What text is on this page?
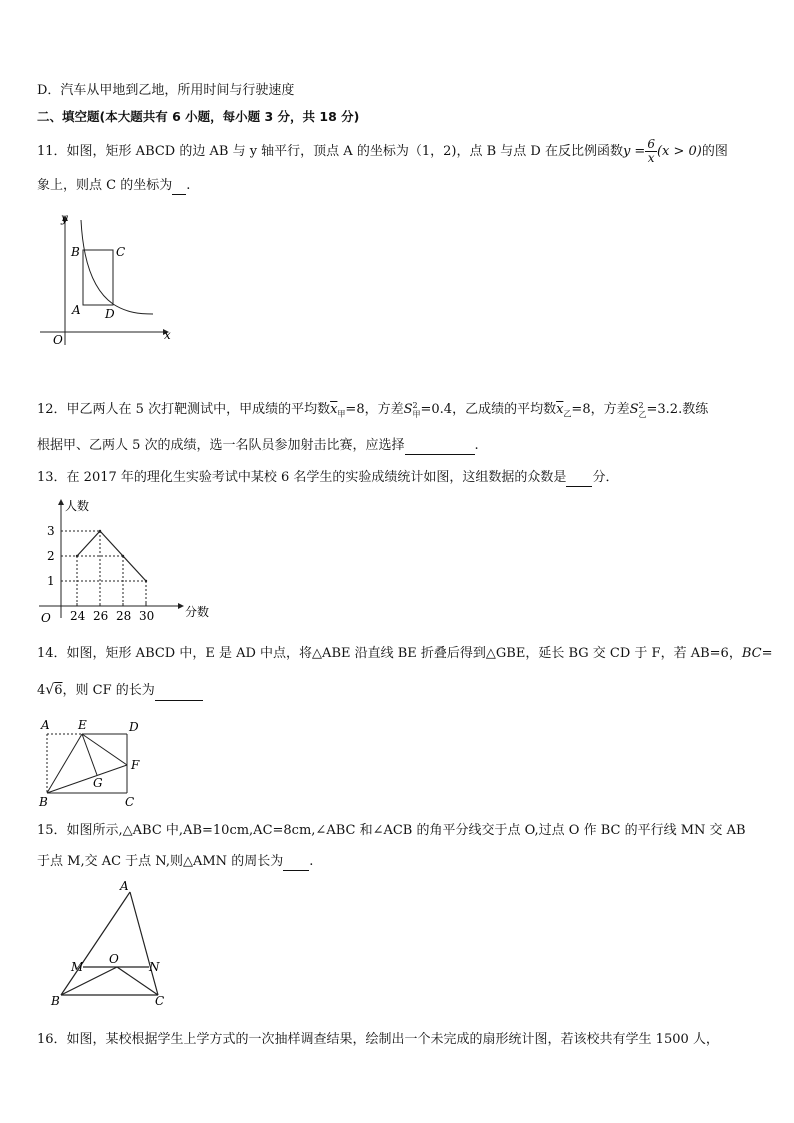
D．汽车从甲地到乙地，所用时间与行驶速度
二、填空题(本大题共有 6 小题，每小题 3 分，共 18 分)
11．如图，矩形 ABCD 的边 AB 与 y 轴平行，顶点 A 的坐标为（1，2)，点 B 与点 D 在反比例函数$y = \frac{6}{x} (x > 0)$的图
象上，则点 C 的坐标为 .
y
x
O
A
B	C
D
12．甲乙两人在 5 次打靶测试中，甲成绩的平均数$\overline{x}_甲=8$，方差S 2
甲 =0.4，乙成绩的平均数$\overline{x}_乙=8$，方差S 2
乙 =3.2.教练
根据甲、乙两人 5 次的成绩，选一名队员参加射击比赛，应选择	.
13．在 2017 年的理化生实验考试中某校 6 名学生的实验成绩统计如图，这组数据的众数是 分．
人数
分数
O 24 26 28 30
1
2
3
14．如图，矩形 ABCD 中，E 是 AD 中点，将△ABE 沿直线 BE 折叠后得到△GBE，延长 BG 交 CD 于 F，若 AB=6，BC=
4√6，则 CF 的长为
A E	D
F
G
B	C
15．如图所示,△ABC 中,AB=10cm,AC=8cm,∠ABC 和∠ACB 的角平分线交于点 O,过点 O 作 BC 的平行线 MN 交 AB
于点 M,交 AC 于点 N,则△AMN 的周长为 .
A
M
O
N
B	C
16．如图，某校根据学生上学方式的一次抽样调查结果，绘制出一个未完成的扇形统计图，若该校共有学生 1500 人，
